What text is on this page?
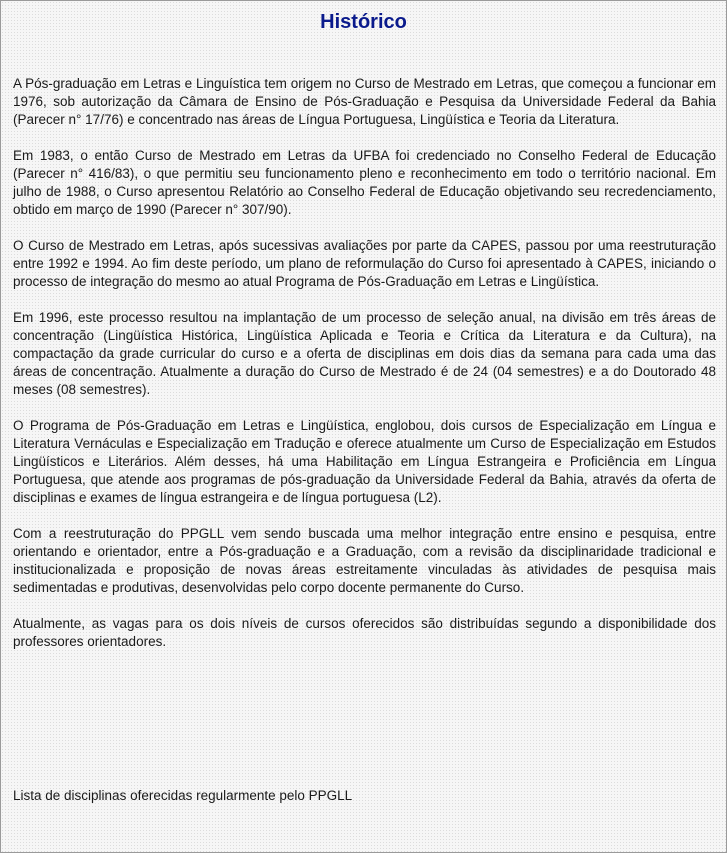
Histórico

A Pós-graduação em Letras e Linguística tem origem no Curso de Mestrado em Letras, que começou a funcionar em 1976, sob autorização da Câmara de Ensino de Pós-Graduação e Pesquisa da Universidade Federal da Bahia (Parecer n° 17/76) e concentrado nas áreas de Língua Portuguesa, Lingüística e Teoria da Literatura.

Em 1983, o então Curso de Mestrado em Letras da UFBA foi credenciado no Conselho Federal de Educação (Parecer n° 416/83), o que permitiu seu funcionamento pleno e reconhecimento em todo o território nacional. Em julho de 1988, o Curso apresentou Relatório ao Conselho Federal de Educação objetivando seu recredenciamento, obtido em março de 1990 (Parecer n° 307/90).

O Curso de Mestrado em Letras, após sucessivas avaliações por parte da CAPES, passou por uma reestruturação entre 1992 e 1994. Ao fim deste período, um plano de reformulação do Curso foi apresentado à CAPES, iniciando o processo de integração do mesmo ao atual Programa de Pós-Graduação em Letras e Lingüística.

Em 1996, este processo resultou na implantação de um processo de seleção anual, na divisão em três áreas de concentração (Lingüística Histórica, Lingüística Aplicada e Teoria e Crítica da Literatura e da Cultura), na compactação da grade curricular do curso e a oferta de disciplinas em dois dias da semana para cada uma das áreas de concentração. Atualmente a duração do Curso de Mestrado é de 24 (04 semestres) e a do Doutorado 48 meses (08 semestres).

O Programa de Pós-Graduação em Letras e Lingüística, englobou, dois cursos de Especialização em Língua e Literatura Vernáculas e Especialização em Tradução e oferece atualmente um Curso de Especialização em Estudos Lingüísticos e Literários. Além desses, há uma Habilitação em Língua Estrangeira e Proficiência em Língua Portuguesa, que atende aos programas de pós-graduação da Universidade Federal da Bahia, através da oferta de disciplinas e exames de língua estrangeira e de língua portuguesa (L2).

Com a reestruturação do PPGLL vem sendo buscada uma melhor integração entre ensino e pesquisa, entre orientando e orientador, entre a Pós-graduação e a Graduação, com a revisão da disciplinaridade tradicional e institucionalizada e proposição de novas áreas estreitamente vinculadas às atividades de pesquisa mais sedimentadas e produtivas, desenvolvidas pelo corpo docente permanente do Curso.

Atualmente, as vagas para os dois níveis de cursos oferecidos são distribuídas segundo a disponibilidade dos professores orientadores.

Lista de disciplinas oferecidas regularmente pelo PPGLL
